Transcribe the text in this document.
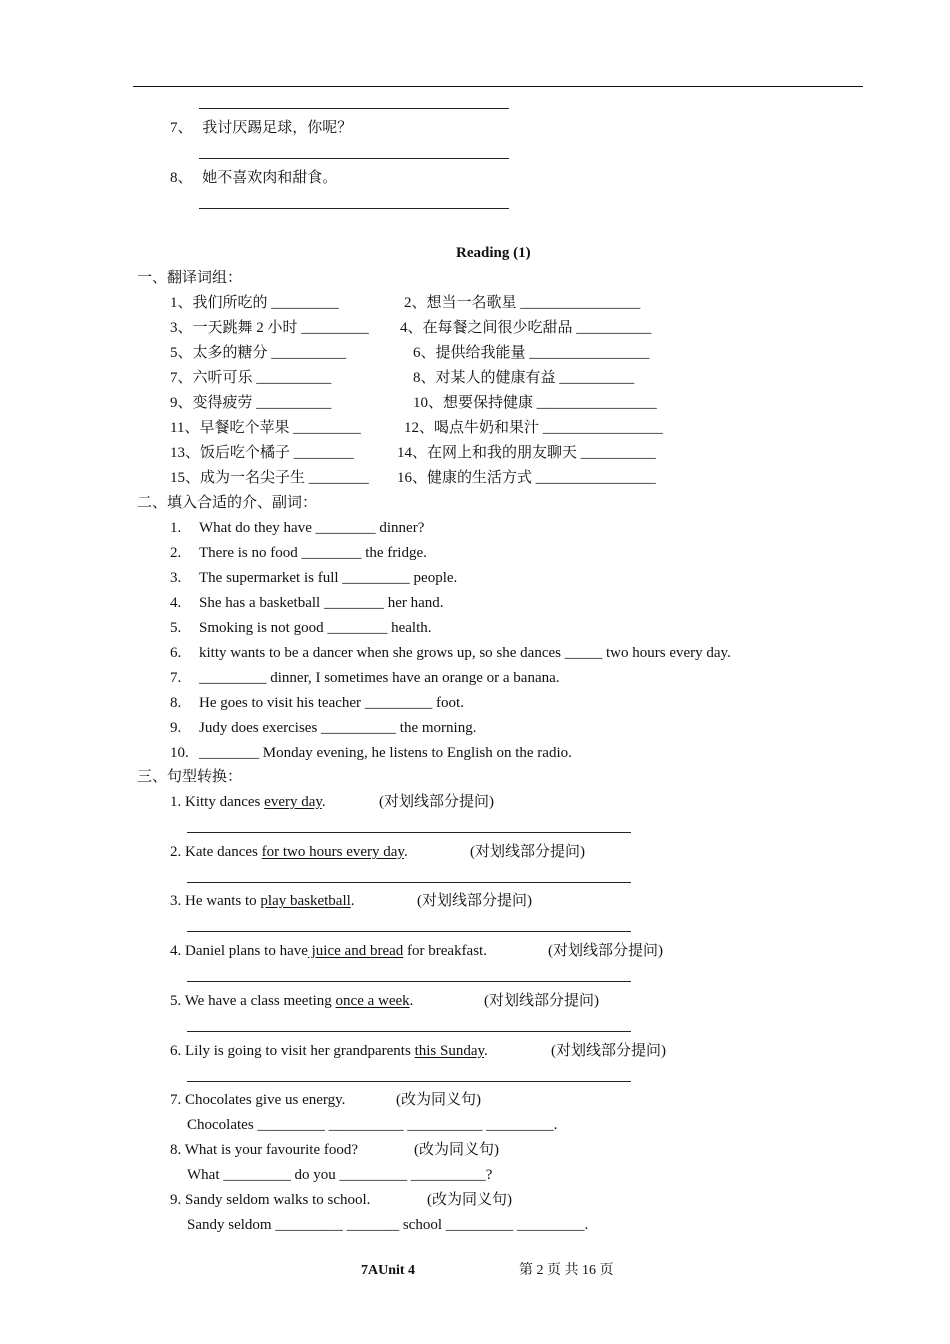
7、 我讨厌踢足球，你呢？
8、 她不喜欢肉和甜食。
Reading (1)
一、翻译词组：
1、我们所吃的 _________	2、想当一名歌星 ________________
3、一天跳舞 2 小时 _________ 4、在每餐之间很少吃甜品 __________
5、太多的糖分 __________	6、提供给我能量 ________________
7、六听可乐 __________	8、对某人的健康有益 __________
9、变得疲劳 __________	10、想要保持健康 ________________
11、早餐吃个苹果 _________	12、喝点牛奶和果汁 ________________
13、饭后吃个橘子 ________	14、在网上和我的朋友聊天 __________
15、成为一名尖子生 ________ 16、健康的生活方式 ________________
二、填入合适的介、副词：
1. What do they have ________ dinner?
2. There is no food ________ the fridge.
3. The supermarket is full _________ people.
4. She has a basketball ________ her hand.
5. Smoking is not good ________ health.
6. kitty wants to be a dancer when she grows up, so she dances _____ two hours every day.
7. _________ dinner, I sometimes have an orange or a banana.
8. He goes to visit his teacher _________ foot.
9. Judy does exercises __________ the morning.
10. ________ Monday evening, he listens to English on the radio.
三、句型转换：
1. Kitty dances every day.	(对划线部分提问)
2. Kate dances for two hours every day.	(对划线部分提问)
3. He wants to play basketball.	(对划线部分提问)
4. Daniel plans to have juice and bread for breakfast.	(对划线部分提问)
5. We have a class meeting once a week.	(对划线部分提问)
6. Lily is going to visit her grandparents this Sunday.	(对划线部分提问)
7. Chocolates give us energy.	(改为同义句)
Chocolates _________ __________ __________ _________.
8. What is your favourite food?	(改为同义句)
What _________ do you _________ __________?
9. Sandy seldom walks to school.	(改为同义句)
Sandy seldom _________ _______ school _________ _________.
7AUnit 4	第 2 页 共 16 页
